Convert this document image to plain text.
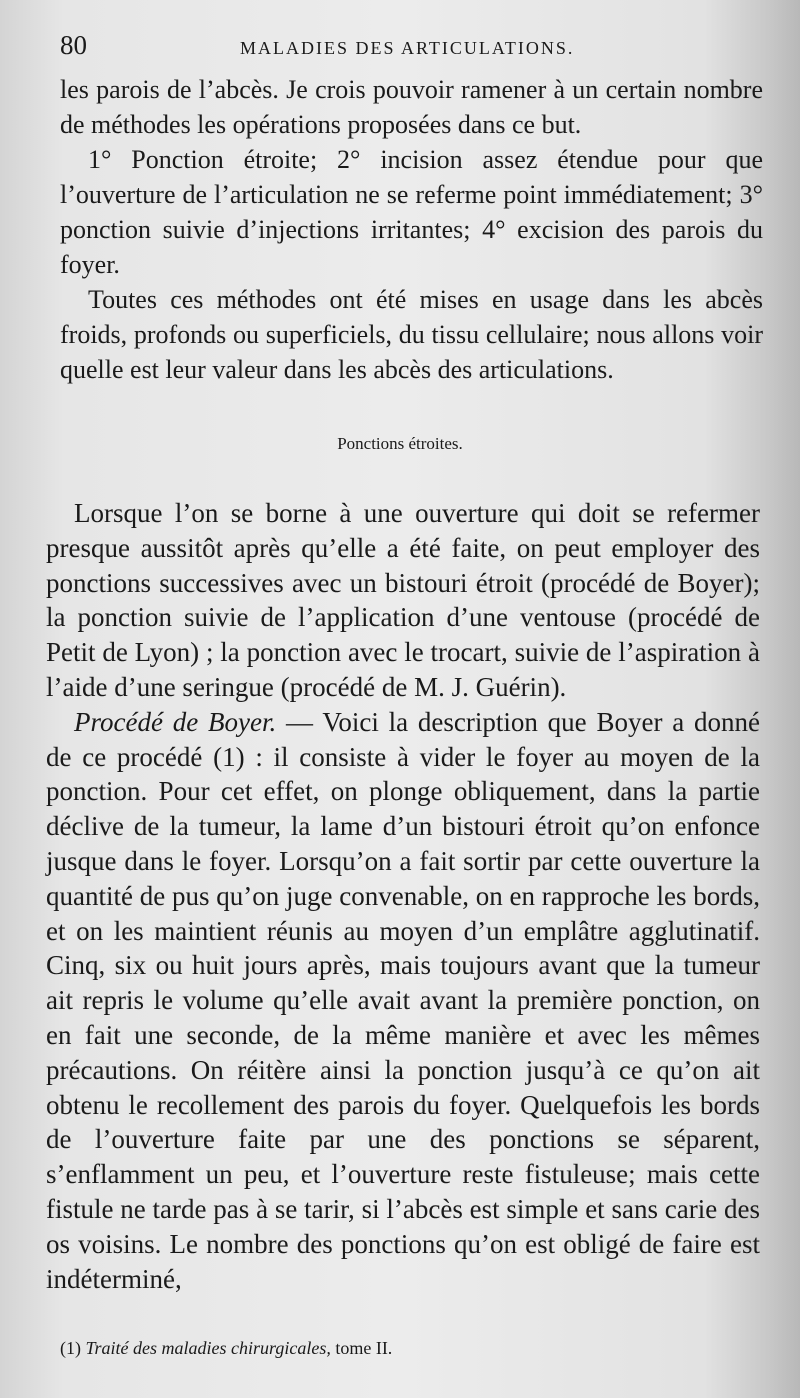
80	MALADIES DES ARTICULATIONS.

les parois de l’abcès. Je crois pouvoir ramener à un certain nombre de méthodes les opérations proposées dans ce but.

1° Ponction étroite; 2° incision assez étendue pour que l’ouverture de l’articulation ne se referme point immédiatement; 3° ponction suivie d’injections irritantes; 4° excision des parois du foyer.

Toutes ces méthodes ont été mises en usage dans les abcès froids, profonds ou superficiels, du tissu cellulaire; nous allons voir quelle est leur valeur dans les abcès des articulations.

Ponctions étroites.

Lorsque l’on se borne à une ouverture qui doit se refermer presque aussitôt après qu’elle a été faite, on peut employer des ponctions successives avec un bistouri étroit (procédé de Boyer); la ponction suivie de l’application d’une ventouse (procédé de Petit de Lyon) ; la ponction avec le trocart, suivie de l’aspiration à l’aide d’une seringue (procédé de M. J. Guérin).

Procédé de Boyer. — Voici la description que Boyer a donné de ce procédé (1) : il consiste à vider le foyer au moyen de la ponction. Pour cet effet, on plonge obliquement, dans la partie déclive de la tumeur, la lame d’un bistouri étroit qu’on enfonce jusque dans le foyer. Lorsqu’on a fait sortir par cette ouverture la quantité de pus qu’on juge convenable, on en rapproche les bords, et on les maintient réunis au moyen d’un emplâtre agglutinatif. Cinq, six ou huit jours après, mais toujours avant que la tumeur ait repris le volume qu’elle avait avant la première ponction, on en fait une seconde, de la même manière et avec les mêmes précautions. On réitère ainsi la ponction jusqu’à ce qu’on ait obtenu le recollement des parois du foyer. Quelquefois les bords de l’ouverture faite par une des ponctions se séparent, s’enflamment un peu, et l’ouverture reste fistuleuse; mais cette fistule ne tarde pas à se tarir, si l’abcès est simple et sans carie des os voisins. Le nombre des ponctions qu’on est obligé de faire est indéterminé,

(1) Traité des maladies chirurgicales, tome II.
